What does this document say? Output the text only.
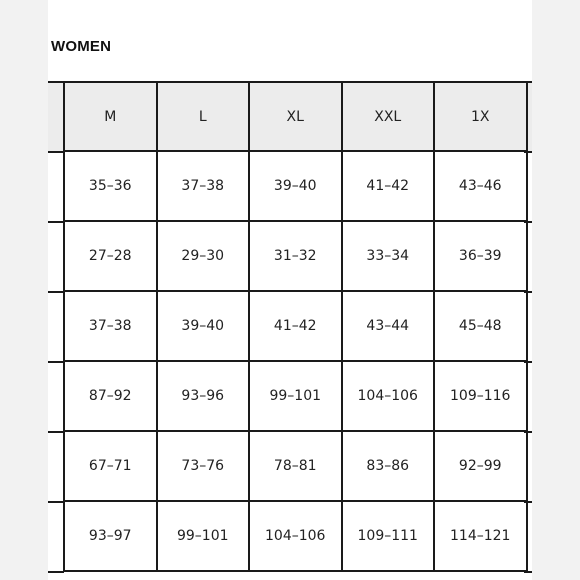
WOMEN
M	L	XL	XXL	1X
35–36	37–38	39–40	41–42	43–46
27–28	29–30	31–32	33–34	36–39
37–38	39–40	41–42	43–44	45–48
87–92	93–96	99–101	104–106	109–116
67–71	73–76	78–81	83–86	92–99
93–97	99–101	104–106	109–111	114–121
